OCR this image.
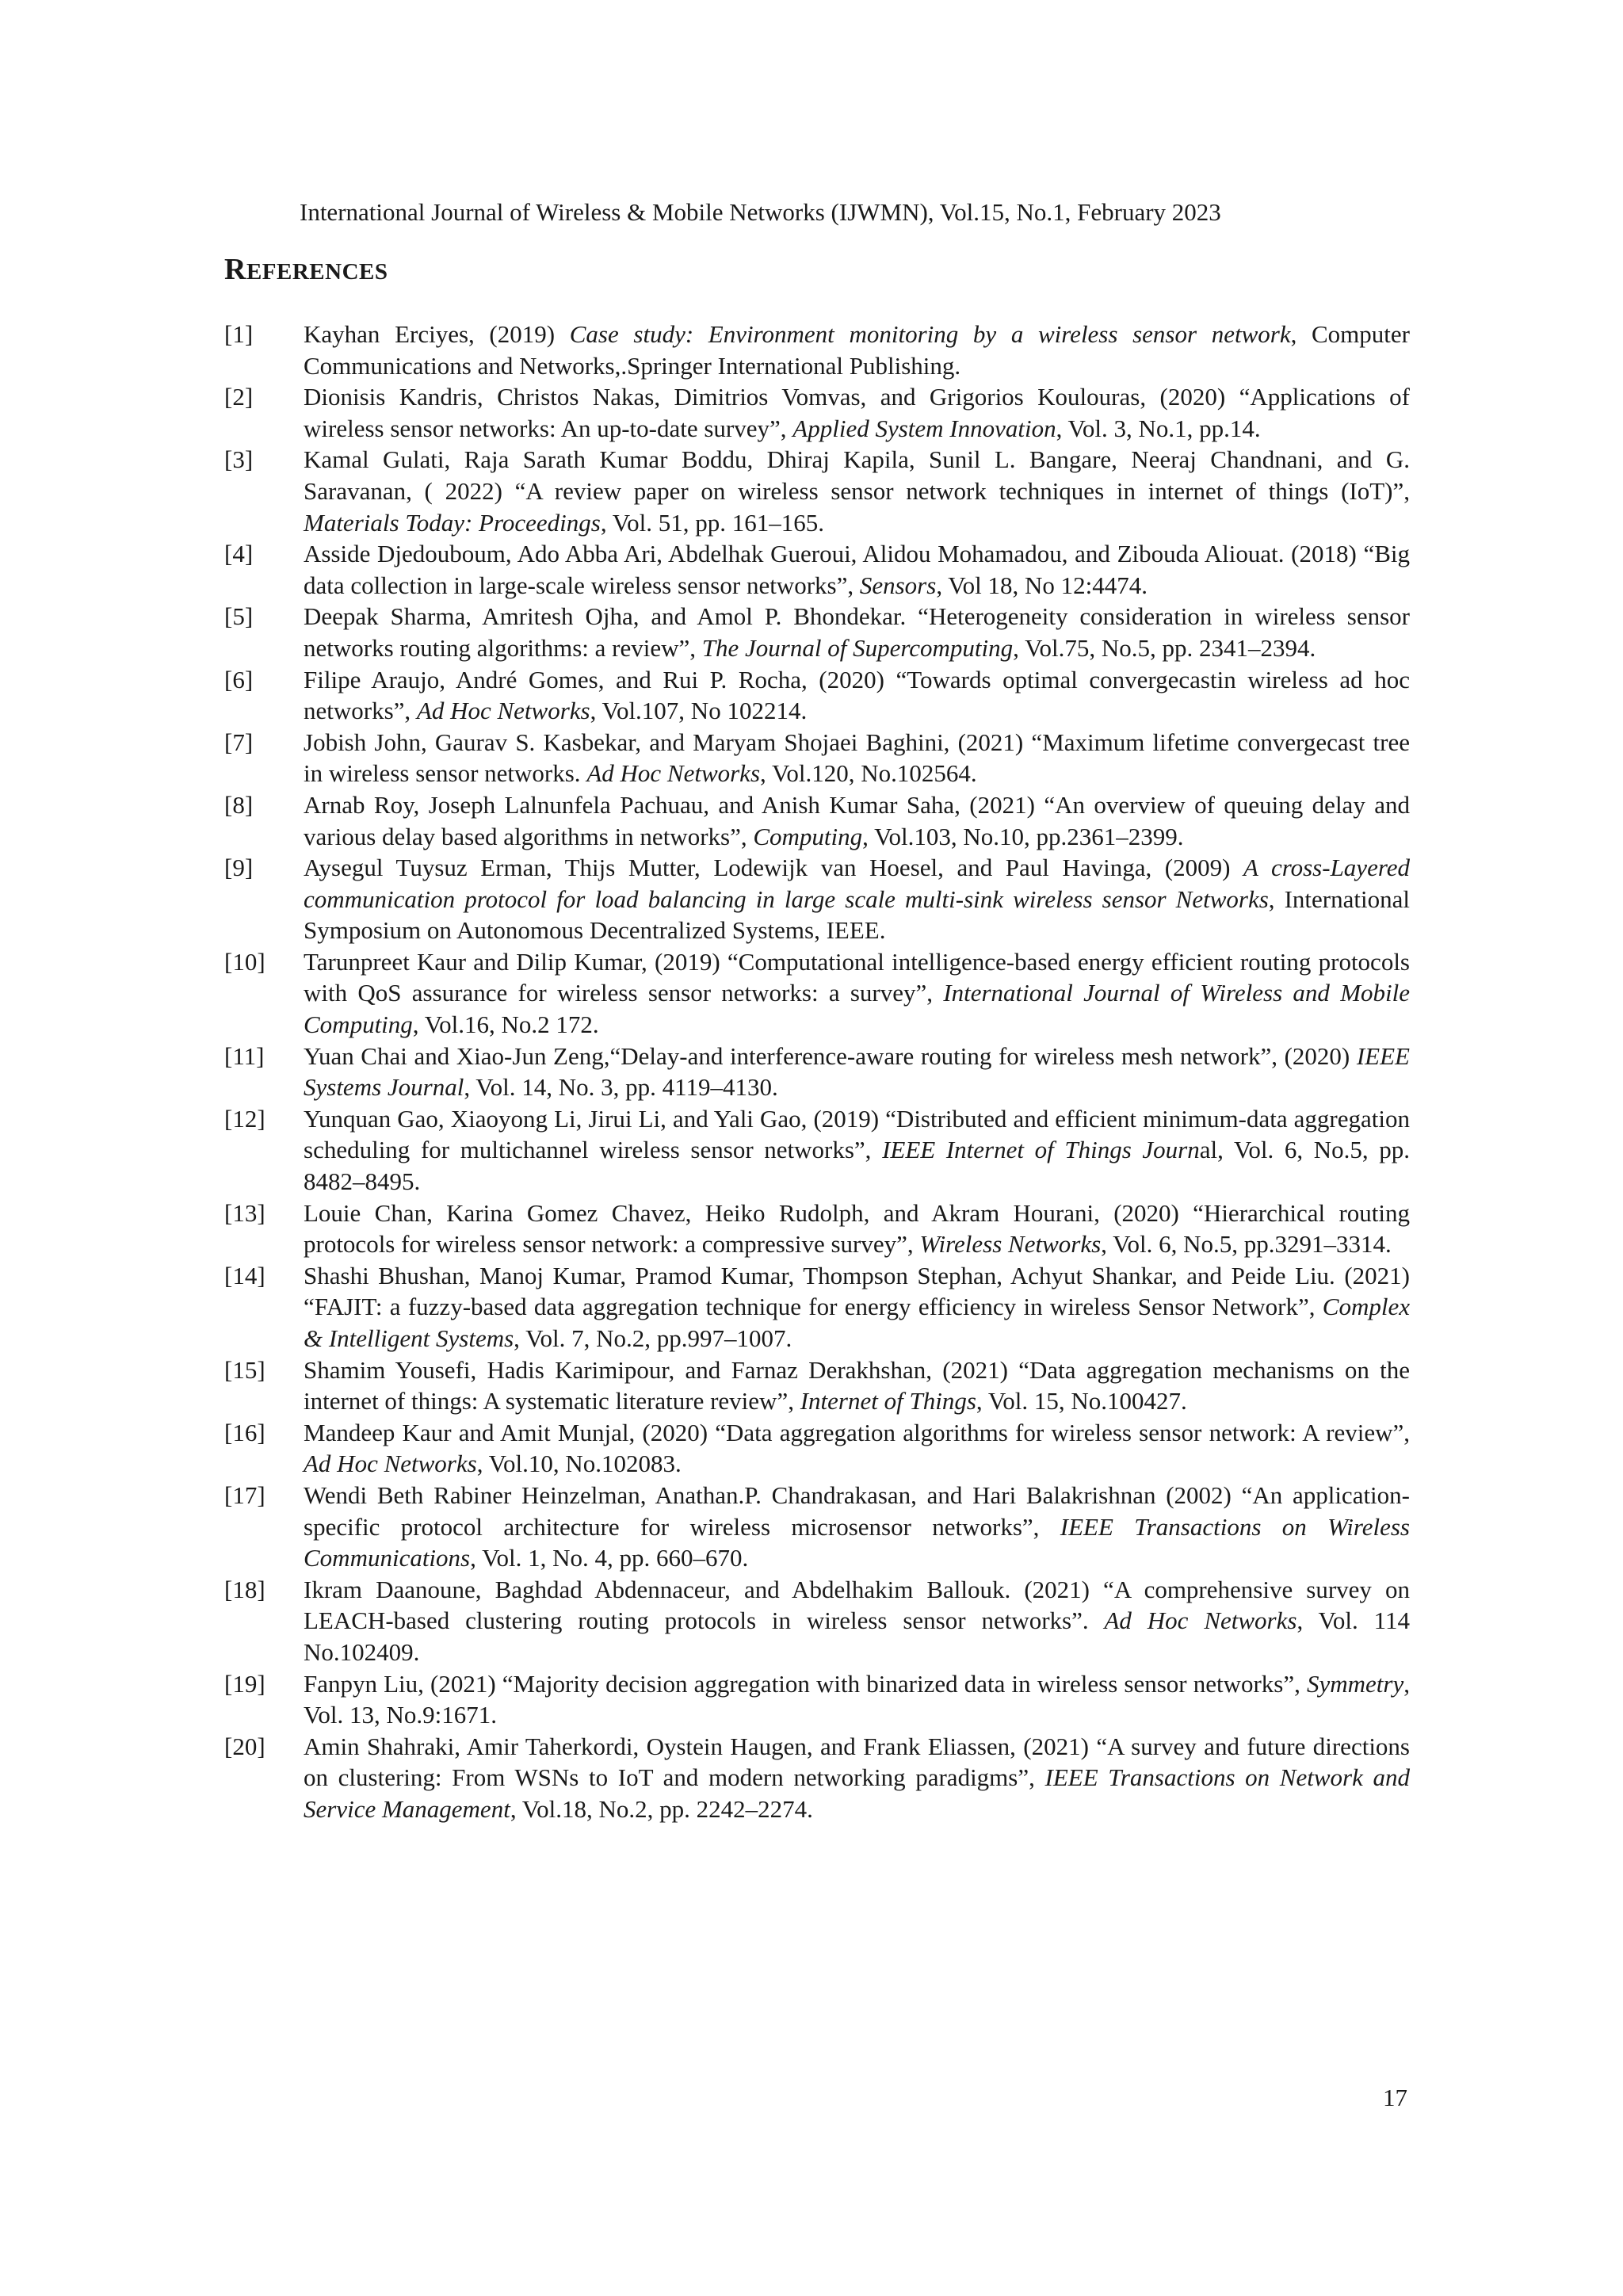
International Journal of Wireless & Mobile Networks (IJWMN), Vol.15, No.1, February 2023
REFERENCES
[1] Kayhan Erciyes, (2019) Case study: Environment monitoring by a wireless sensor network, Computer Communications and Networks,.Springer International Publishing.
[2] Dionisis Kandris, Christos Nakas, Dimitrios Vomvas, and Grigorios Koulouras, (2020) “Applications of wireless sensor networks: An up-to-date survey”, Applied System Innovation, Vol. 3, No.1, pp.14.
[3] Kamal Gulati, Raja Sarath Kumar Boddu, Dhiraj Kapila, Sunil L. Bangare, Neeraj Chandnani, and G. Saravanan, ( 2022) “A review paper on wireless sensor network techniques in internet of things (IoT)”, Materials Today: Proceedings, Vol. 51, pp. 161–165.
[4] Asside Djedouboum, Ado Abba Ari, Abdelhak Gueroui, Alidou Mohamadou, and Zibouda Aliouat. (2018) “Big data collection in large-scale wireless sensor networks”, Sensors, Vol 18, No 12:4474.
[5] Deepak Sharma, Amritesh Ojha, and Amol P. Bhondekar. “Heterogeneity consideration in wireless sensor networks routing algorithms: a review”, The Journal of Supercomputing, Vol.75, No.5, pp. 2341–2394.
[6] Filipe Araujo, André Gomes, and Rui P. Rocha, (2020) “Towards optimal convergecastin wireless ad hoc networks”, Ad Hoc Networks, Vol.107, No 102214.
[7] Jobish John, Gaurav S. Kasbekar, and Maryam Shojaei Baghini, (2021) “Maximum lifetime convergecast tree in wireless sensor networks. Ad Hoc Networks, Vol.120, No.102564.
[8] Arnab Roy, Joseph Lalnunfela Pachuau, and Anish Kumar Saha, (2021) “An overview of queuing delay and various delay based algorithms in networks”, Computing, Vol.103, No.10, pp.2361–2399.
[9] Aysegul Tuysuz Erman, Thijs Mutter, Lodewijk van Hoesel, and Paul Havinga, (2009) A cross-Layered communication protocol for load balancing in large scale multi-sink wireless sensor Networks, International Symposium on Autonomous Decentralized Systems, IEEE.
[10] Tarunpreet Kaur and Dilip Kumar, (2019) “Computational intelligence-based energy efficient routing protocols with QoS assurance for wireless sensor networks: a survey”, International Journal of Wireless and Mobile Computing, Vol.16, No.2 172.
[11] Yuan Chai and Xiao-Jun Zeng,“Delay-and interference-aware routing for wireless mesh network”, (2020) IEEE Systems Journal, Vol. 14, No. 3, pp. 4119–4130.
[12] Yunquan Gao, Xiaoyong Li, Jirui Li, and Yali Gao, (2019) “Distributed and efficient minimum-data aggregation scheduling for multichannel wireless sensor networks”, IEEE Internet of Things Journal, Vol. 6, No.5, pp. 8482–8495.
[13] Louie Chan, Karina Gomez Chavez, Heiko Rudolph, and Akram Hourani, (2020) “Hierarchical routing protocols for wireless sensor network: a compressive survey”, Wireless Networks, Vol. 6, No.5, pp.3291–3314.
[14] Shashi Bhushan, Manoj Kumar, Pramod Kumar, Thompson Stephan, Achyut Shankar, and Peide Liu. (2021) “FAJIT: a fuzzy-based data aggregation technique for energy efficiency in wireless Sensor Network”, Complex & Intelligent Systems, Vol. 7, No.2, pp.997–1007.
[15] Shamim Yousefi, Hadis Karimipour, and Farnaz Derakhshan, (2021) “Data aggregation mechanisms on the internet of things: A systematic literature review”, Internet of Things, Vol. 15, No.100427.
[16] Mandeep Kaur and Amit Munjal, (2020) “Data aggregation algorithms for wireless sensor network: A review”, Ad Hoc Networks, Vol.10, No.102083.
[17] Wendi Beth Rabiner Heinzelman, Anathan.P. Chandrakasan, and Hari Balakrishnan (2002) “An application-specific protocol architecture for wireless microsensor networks”, IEEE Transactions on Wireless Communications, Vol. 1, No. 4, pp. 660–670.
[18] Ikram Daanoune, Baghdad Abdennaceur, and Abdelhakim Ballouk. (2021) “A comprehensive survey on LEACH-based clustering routing protocols in wireless sensor networks”. Ad Hoc Networks, Vol. 114 No.102409.
[19] Fanpyn Liu, (2021) “Majority decision aggregation with binarized data in wireless sensor networks”, Symmetry, Vol. 13, No.9:1671.
[20] Amin Shahraki, Amir Taherkordi, Oystein Haugen, and Frank Eliassen, (2021) “A survey and future directions on clustering: From WSNs to IoT and modern networking paradigms”, IEEE Transactions on Network and Service Management, Vol.18, No.2, pp. 2242–2274.
17
